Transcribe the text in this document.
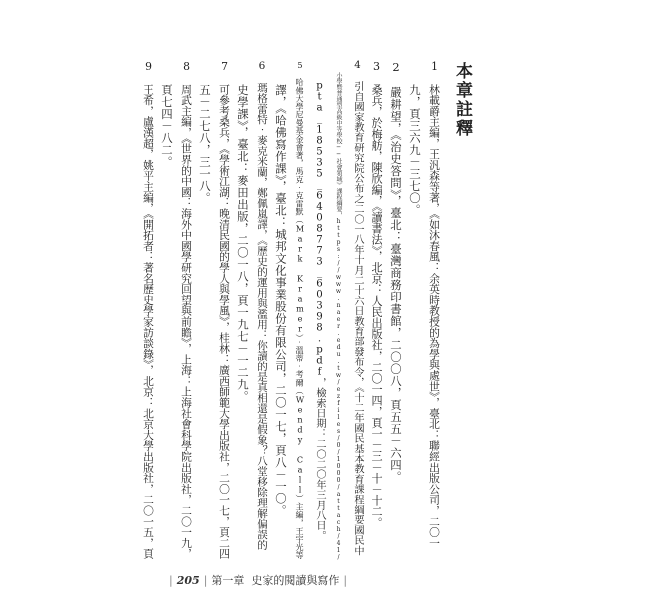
本章註釋
1　林載爵主編，王汎森等著，《如沐春風：余英時教授的為學與處世》，臺北：聯經出版公司，二〇一
　　九，頁三六九－三七〇。
2　嚴耕望，《治史答問》，臺北：臺灣商務印書館，二〇〇八，頁五五－六四。
3　桑兵，於梅舫，陳欣編，《讀書法》，北京：人民出版社，二〇一四，頁一－三－十－十二。
4　引自國家教育研究院公布之二〇一八年十月二十六日教育部發布令，《十二年國民基本教育課程綱要國民中
　　小學暨普通型高級中等學校──社會領域》課程綱要，https://www.naer.edu.tw/ezfiles/0/1000/attach/41/
　　pta_18535_6408773_60398.pdf，檢索日期：二〇二〇年三月八日。
5　哈佛大學尼曼基金會著，馬克‧克雷默（Mark Kramer）‧溫蒂‧考爾（Wendy Call）主編，王宇光等
　　譯，《哈佛寫作課》，臺北：城邦文化事業股份有限公司，二〇一七，頁八－一〇。
6　瑪格蕾特‧麥克米蘭，鄭佩嵐譯，《歷史的運用與濫用：你讀的是真相還是假象？八堂移除理解偏誤的
　　史學課》，臺北：麥田出版，二〇一八，頁一九七－一二九。
7　可參考桑兵，《學術江湖：晚清民國的學人與學風》，桂林：廣西師範大學出版社，二〇一七，頁二四
　　五－二七八，三一八。
8　周武主編，《世界的中國：海外中國學研究回望與前瞻》，上海：上海社會科學院出版社，二〇一九，
　　頁七四－八二。
9　王希，盧漢超，姚平主編，《開拓者：著名歷史學家訪談錄》，北京：北京大學出版社，二〇一五，頁
| 205 | 第一章 史家的閱讀與寫作 |
